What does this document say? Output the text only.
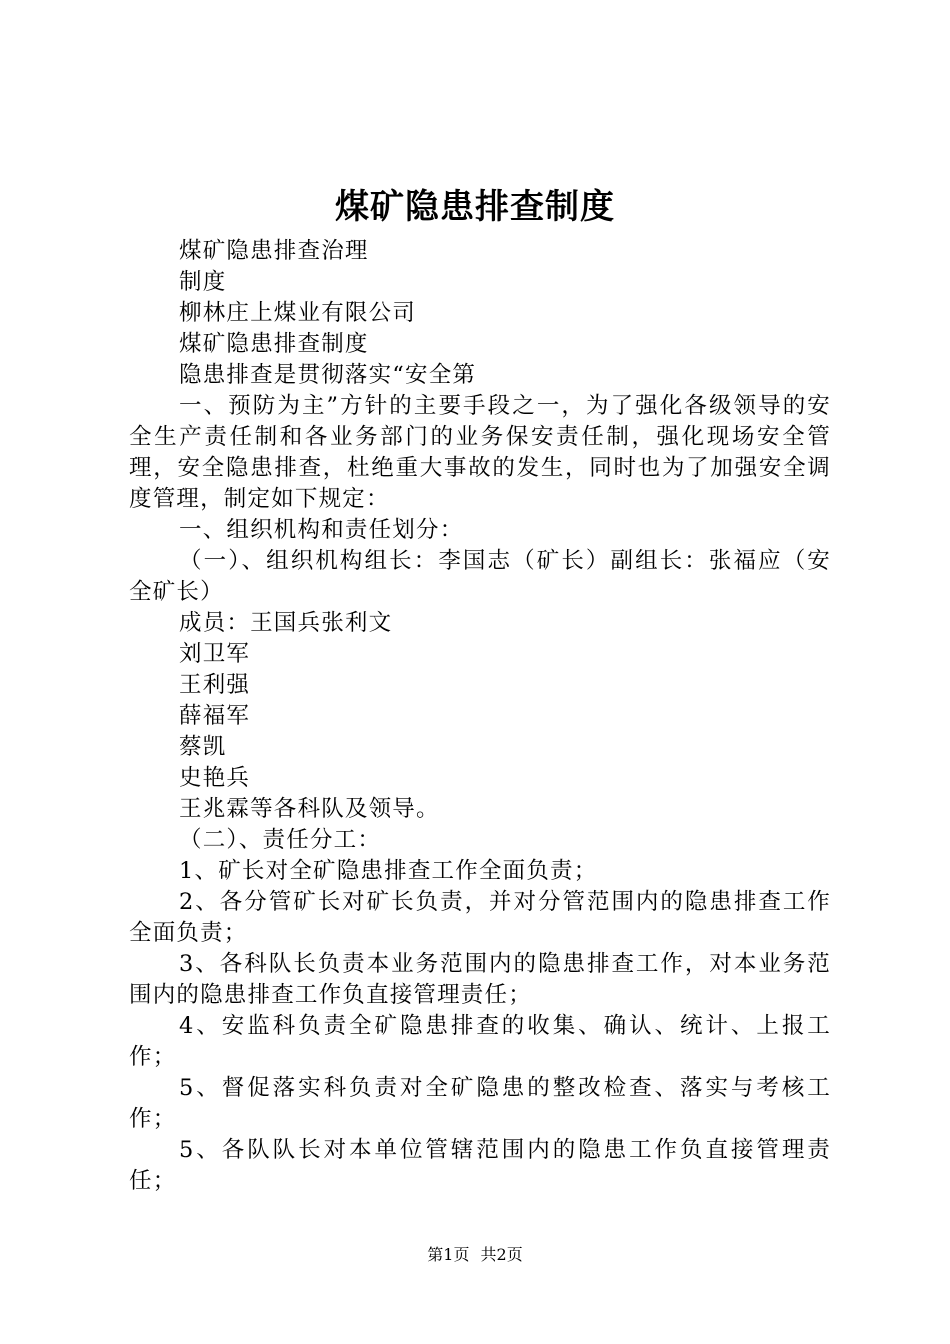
煤矿隐患排查制度

煤矿隐患排查治理

制度

柳林庄上煤业有限公司

煤矿隐患排查制度

隐患排查是贯彻落实“安全第

一、预防为主”方针的主要手段之一，为了强化各级领导的安全生产责任制和各业务部门的业务保安责任制，强化现场安全管理，安全隐患排查，杜绝重大事故的发生，同时也为了加强安全调度管理，制定如下规定：

一、组织机构和责任划分：

（一）、组织机构组长：李国志（矿长）副组长：张福应（安全矿长）

成员：王国兵张利文

刘卫军

王利强

薛福军

蔡凯

史艳兵

王兆霖等各科队及领导。

（二）、责任分工：

1、矿长对全矿隐患排查工作全面负责；

2、各分管矿长对矿长负责，并对分管范围内的隐患排查工作全面负责；

3、各科队长负责本业务范围内的隐患排查工作，对本业务范围内的隐患排查工作负直接管理责任；

4、安监科负责全矿隐患排查的收集、确认、统计、上报工作；

5、督促落实科负责对全矿隐患的整改检查、落实与考核工作；

5、各队队长对本单位管辖范围内的隐患工作负直接管理责任；

第1页 共2页
